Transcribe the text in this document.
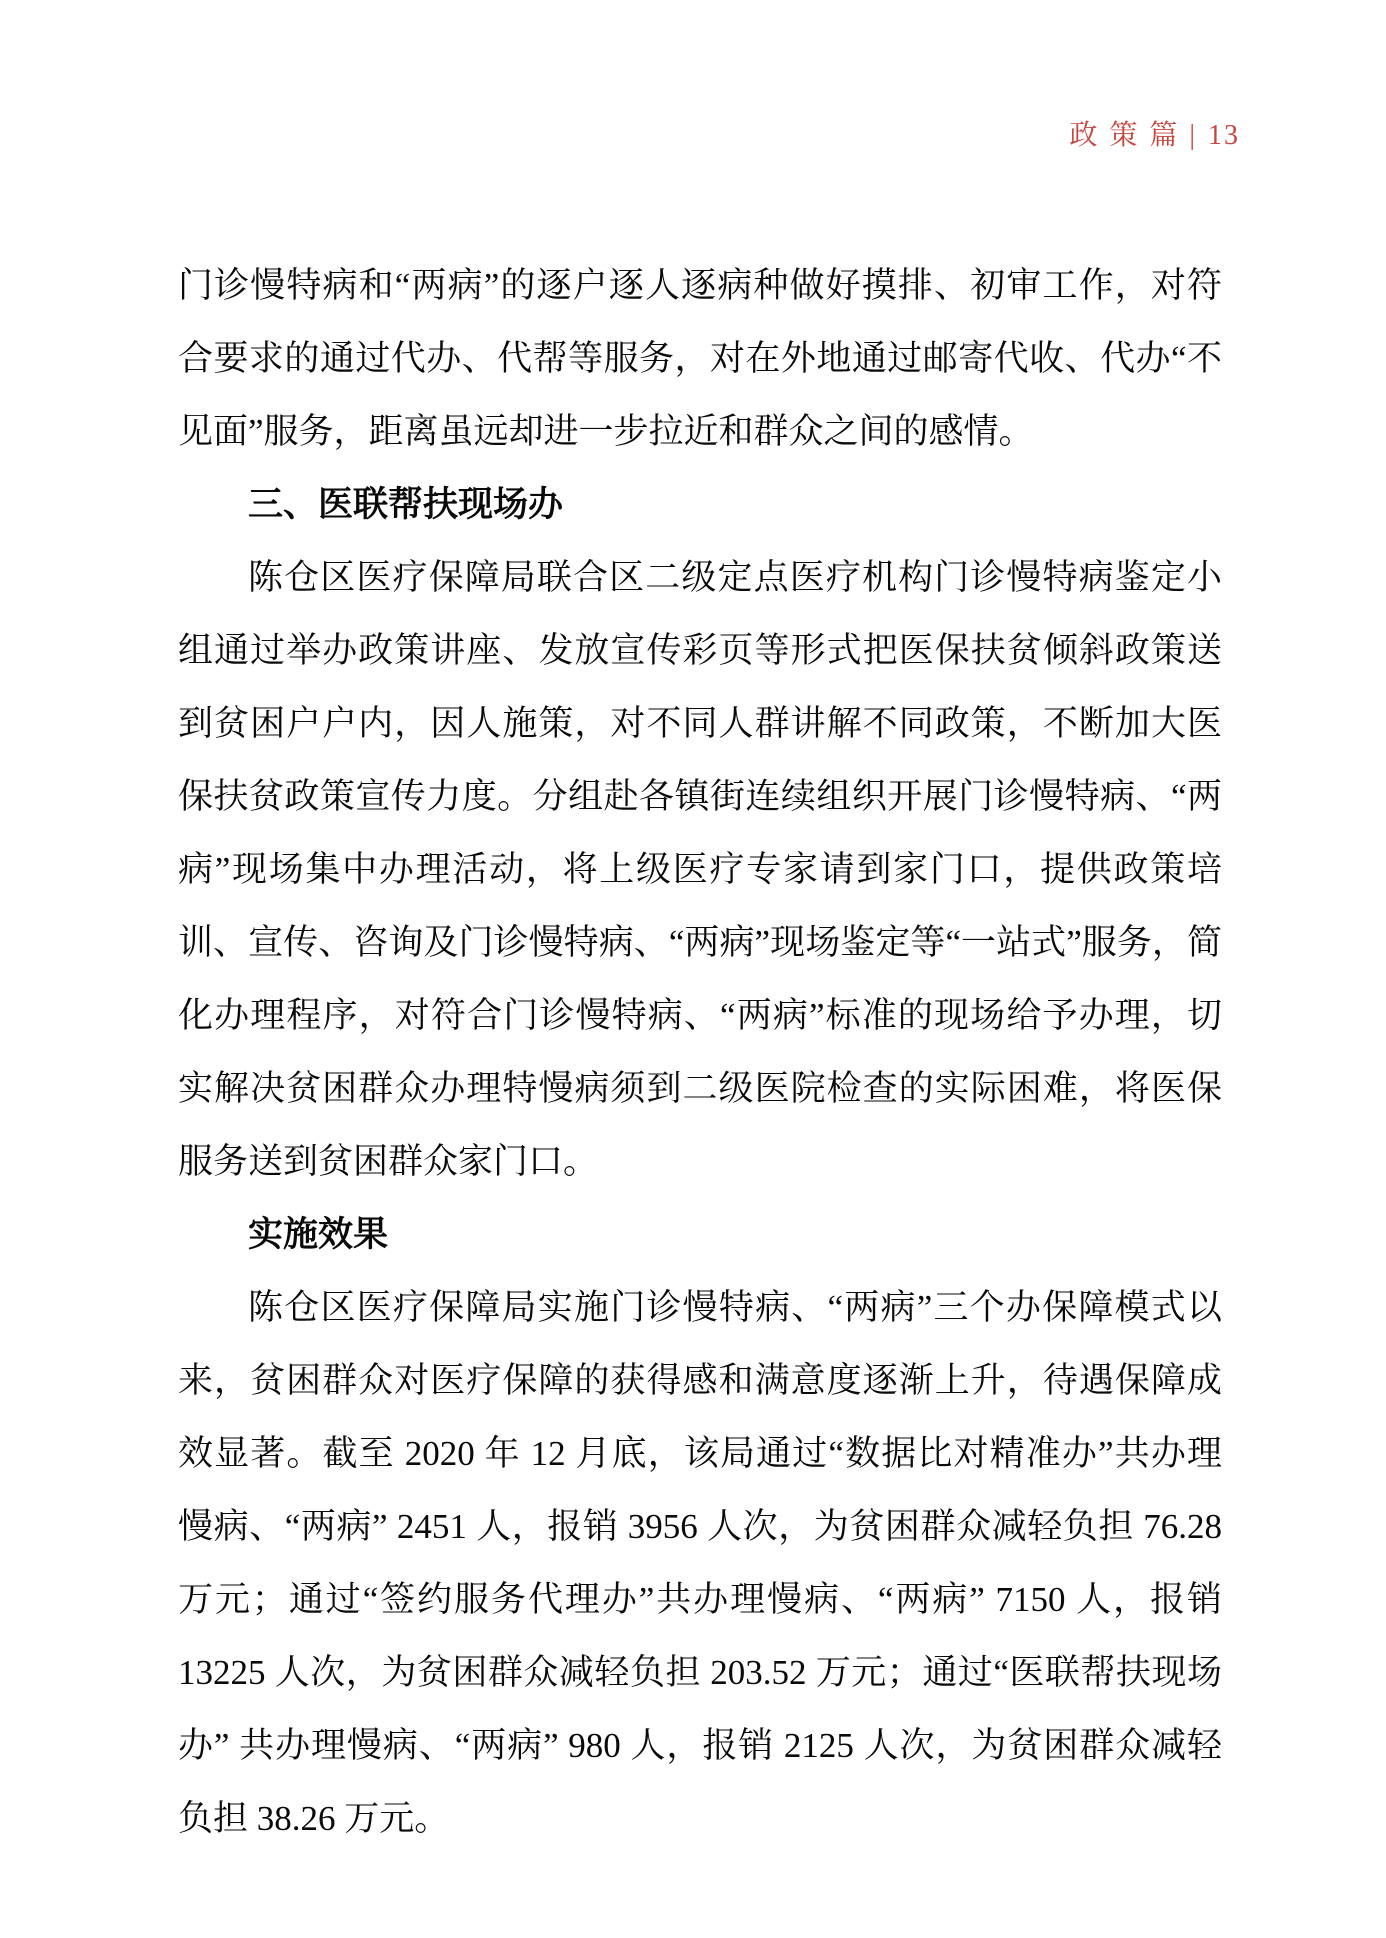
政策篇| 13

门诊慢特病和“两病”的逐户逐人逐病种做好摸排、初审工作，对符合要求的通过代办、代帮等服务，对在外地通过邮寄代收、代办“不见面”服务，距离虽远却进一步拉近和群众之间的感情。

三、医联帮扶现场办

陈仓区医疗保障局联合区二级定点医疗机构门诊慢特病鉴定小组通过举办政策讲座、发放宣传彩页等形式把医保扶贫倾斜政策送到贫困户户内，因人施策，对不同人群讲解不同政策，不断加大医保扶贫政策宣传力度。分组赴各镇街连续组织开展门诊慢特病、“两病”现场集中办理活动，将上级医疗专家请到家门口，提供政策培训、宣传、咨询及门诊慢特病、“两病”现场鉴定等“一站式”服务，简化办理程序，对符合门诊慢特病、“两病”标准的现场给予办理，切实解决贫困群众办理特慢病须到二级医院检查的实际困难，将医保服务送到贫困群众家门口。

实施效果

陈仓区医疗保障局实施门诊慢特病、“两病”三个办保障模式以来，贫困群众对医疗保障的获得感和满意度逐渐上升，待遇保障成效显著。截至 2020 年 12 月底，该局通过“数据比对精准办”共办理慢病、“两病” 2451 人，报销 3956 人次，为贫困群众减轻负担 76.28 万元；通过“签约服务代理办”共办理慢病、“两病” 7150 人，报销 13225 人次，为贫困群众减轻负担 203.52 万元；通过“医联帮扶现场办” 共办理慢病、“两病” 980 人，报销 2125 人次，为贫困群众减轻负担 38.26 万元。
